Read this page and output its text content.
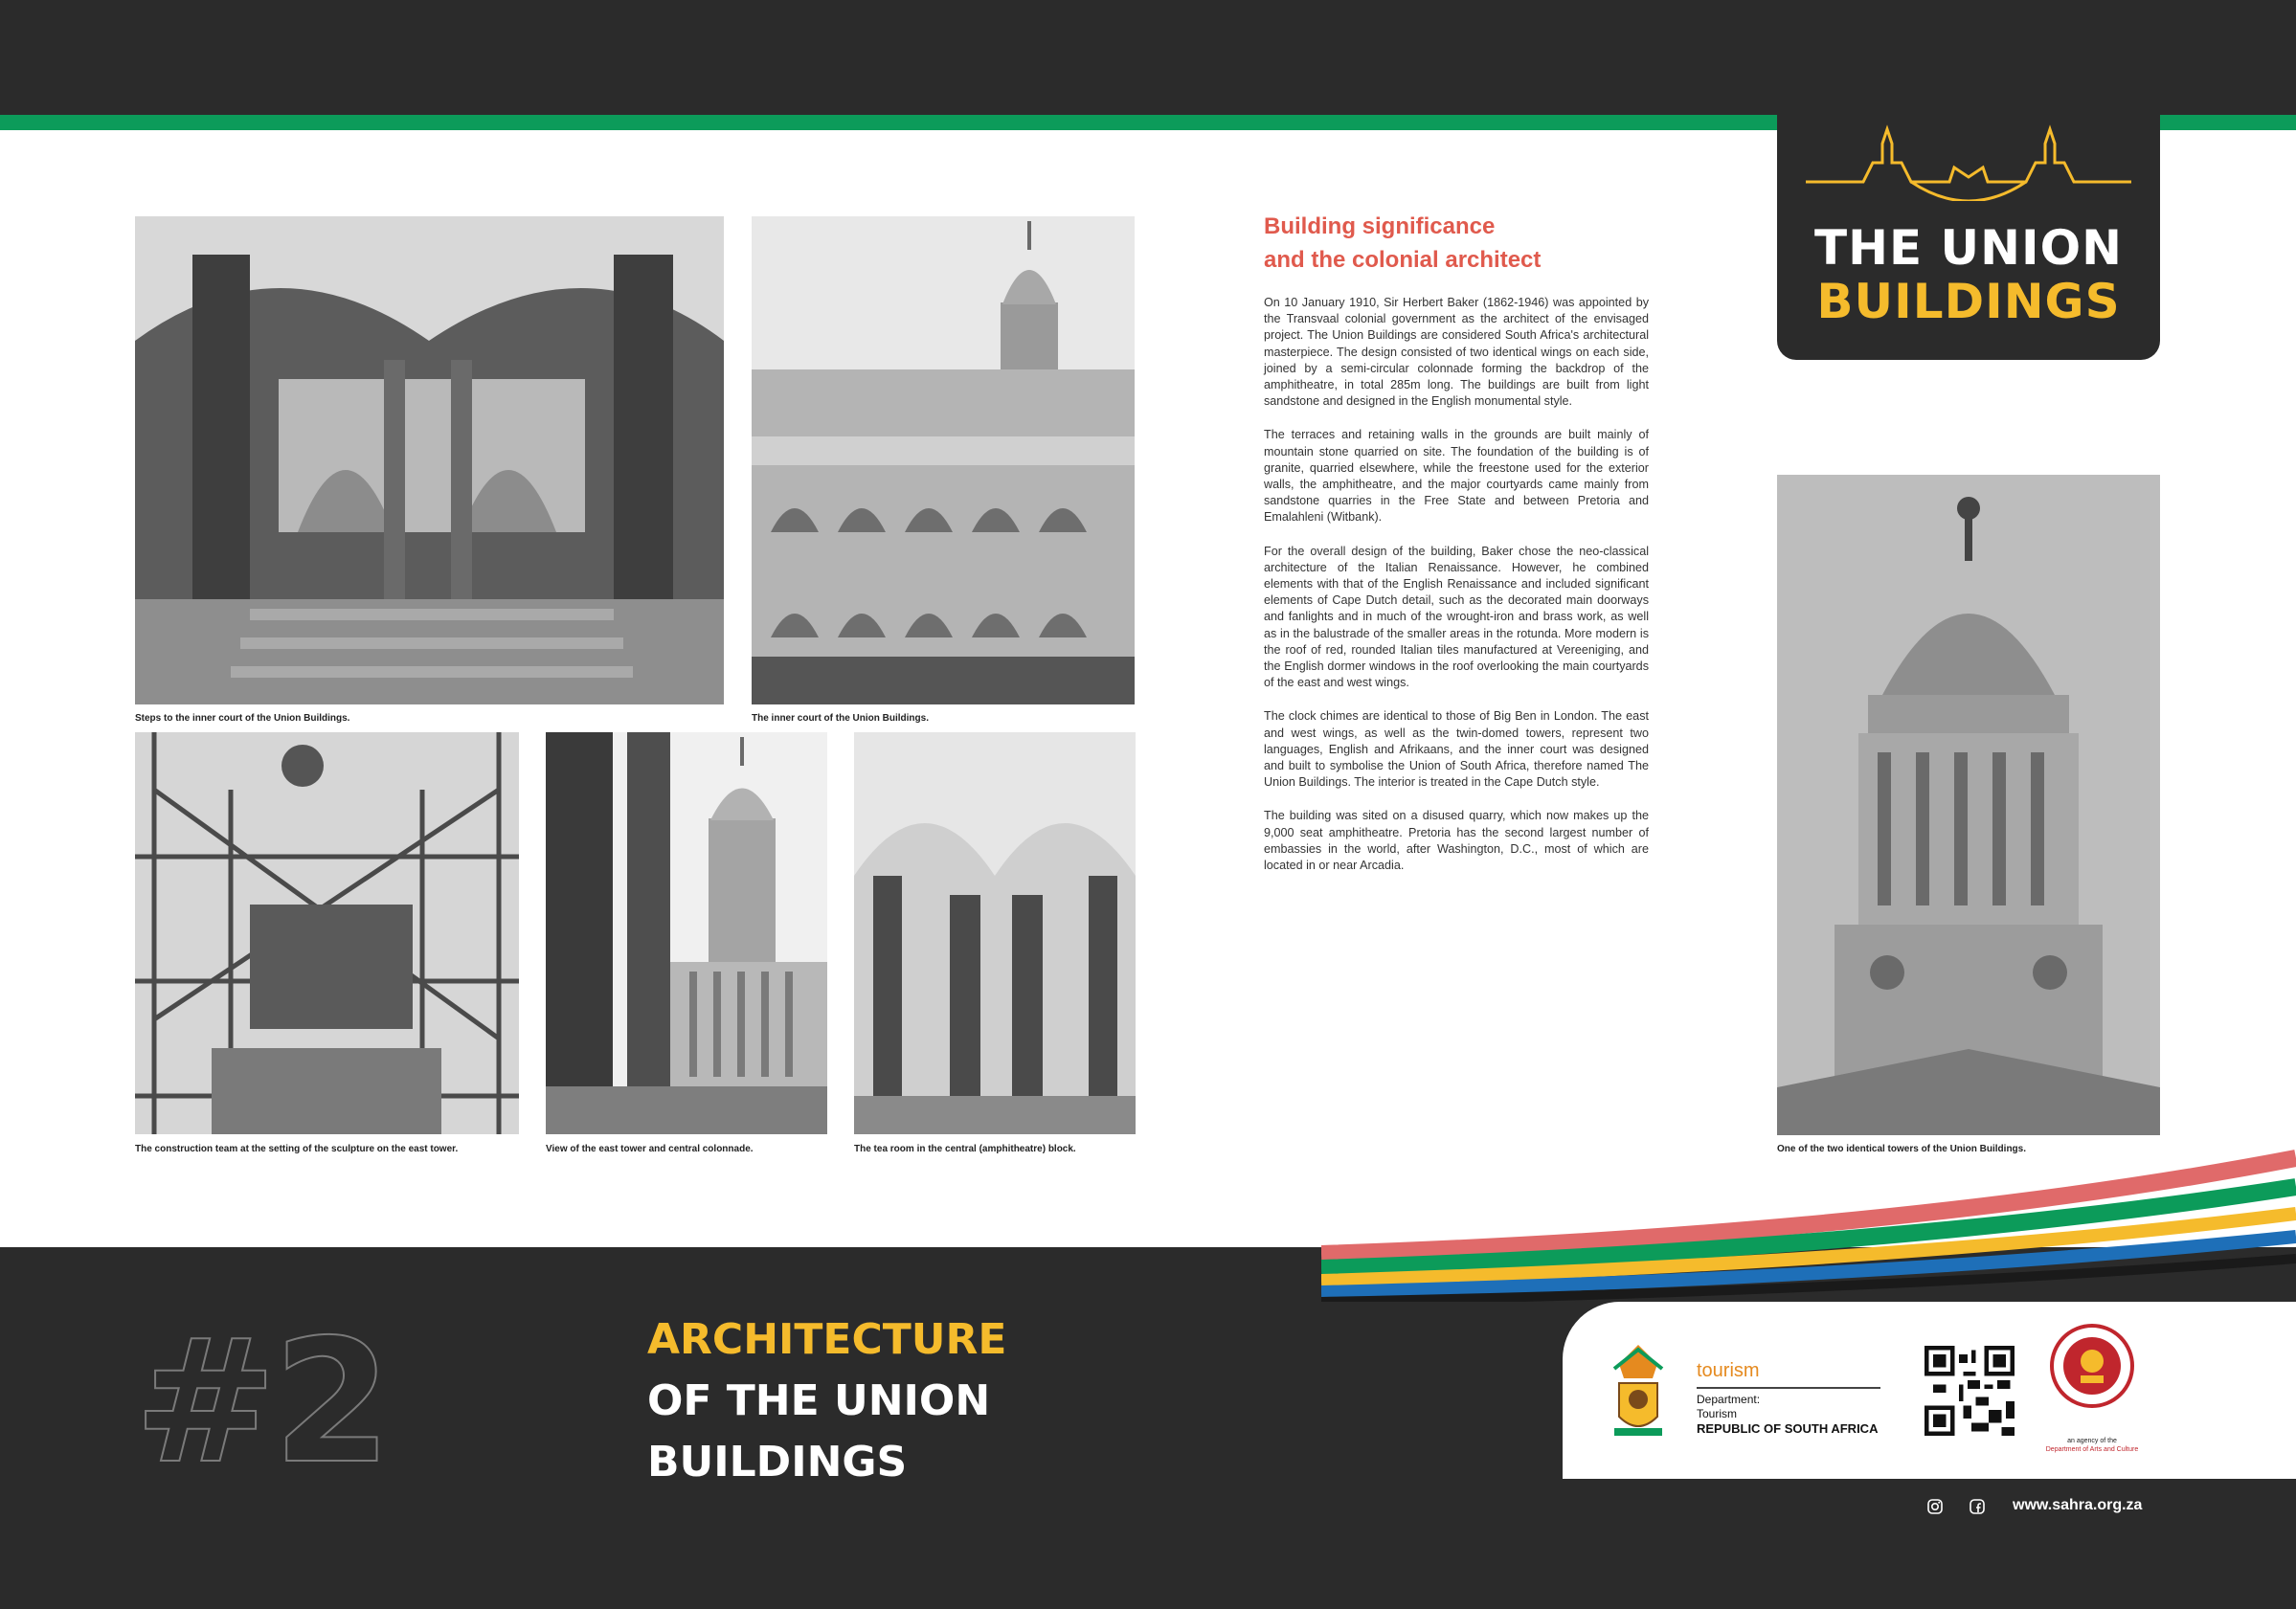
Steps to the inner court of the Union Buildings.	The inner court of the Union Buildings.
The construction team at the setting of the sculpture on the east tower.	View of the east tower and central colonnade.	The tea room in the central (amphitheatre) block.
Building significance
and the colonial architect

On 10 January 1910, Sir Herbert Baker (1862-1946) was appointed by the Transvaal colonial government as the architect of the envisaged project. The Union Buildings are considered South Africa's architectural masterpiece. The design consisted of two identical wings on each side, joined by a semi-circular colonnade forming the backdrop of the amphitheatre, in total 285m long. The buildings are built from light sandstone and designed in the English monumental style.

The terraces and retaining walls in the grounds are built mainly of mountain stone quarried on site. The foundation of the building is of granite, quarried elsewhere, while the freestone used for the exterior walls, the amphitheatre, and the major courtyards came mainly from sandstone quarries in the Free State and between Pretoria and Emalahleni (Witbank).

For the overall design of the building, Baker chose the neo-classical architecture of the Italian Renaissance. However, he combined elements with that of the English Renaissance and included significant elements of Cape Dutch detail, such as the decorated main doorways and fanlights and in much of the wrought-iron and brass work, as well as in the balustrade of the smaller areas in the rotunda. More modern is the roof of red, rounded Italian tiles manufactured at Vereeniging, and the English dormer windows in the roof overlooking the main courtyards of the east and west wings.

The clock chimes are identical to those of Big Ben in London. The east and west wings, as well as the twin-domed towers, represent two languages, English and Afrikaans, and the inner court was designed and built to symbolise the Union of South Africa, therefore named The Union Buildings. The interior is treated in the Cape Dutch style.

The building was sited on a disused quarry, which now makes up the 9,000 seat amphitheatre. Pretoria has the second largest number of embassies in the world, after Washington, D.C., most of which are located in or near Arcadia.

THE UNION
BUILDINGS
One of the two identical towers of the Union Buildings.
#2	ARCHITECTURE
OF THE UNION
BUILDINGS
tourism
Department:
Tourism
REPUBLIC OF SOUTH AFRICA
an agency of the
Department of Arts and Culture
www.sahra.org.za
